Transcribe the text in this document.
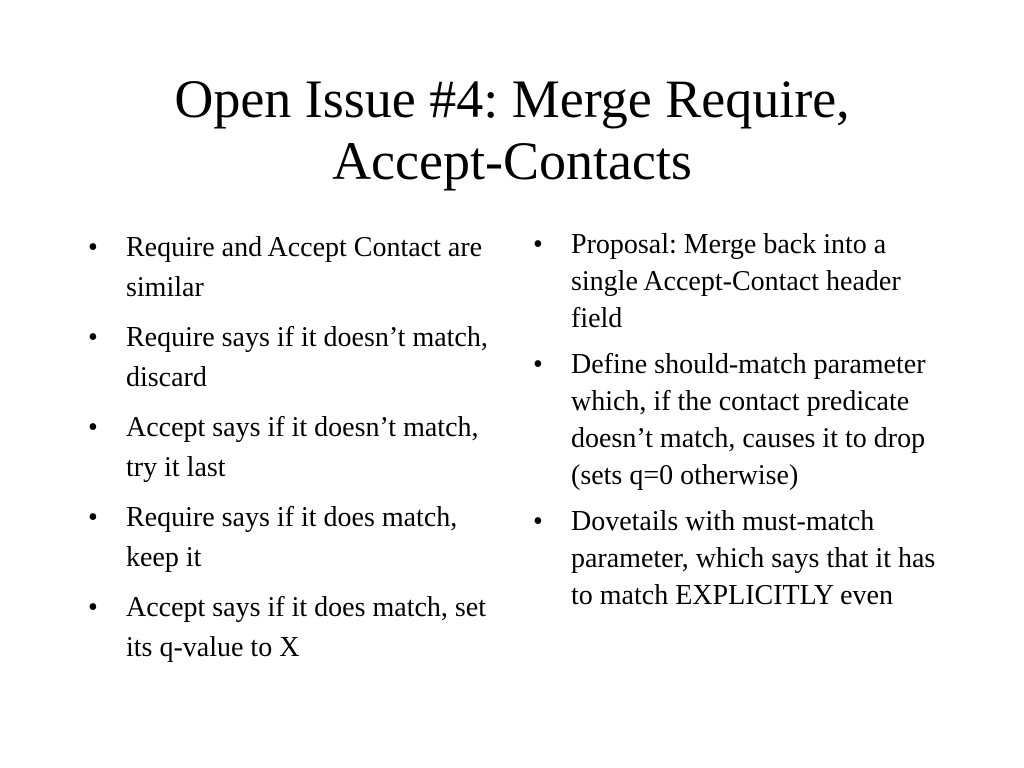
Open Issue #4: Merge Require,
Accept-Contacts
•	Require and Accept Contact are similar
•	Require says if it doesn’t match, discard
•	Accept says if it doesn’t match, try it last
•	Require says if it does match, keep it
•	Accept says if it does match, set its q-value to X
•	Proposal: Merge back into a single Accept-Contact header field
•	Define should-match parameter which, if the contact predicate doesn’t match, causes it to drop (sets q=0 otherwise)
•	Dovetails with must-match parameter, which says that it has to match EXPLICITLY even
